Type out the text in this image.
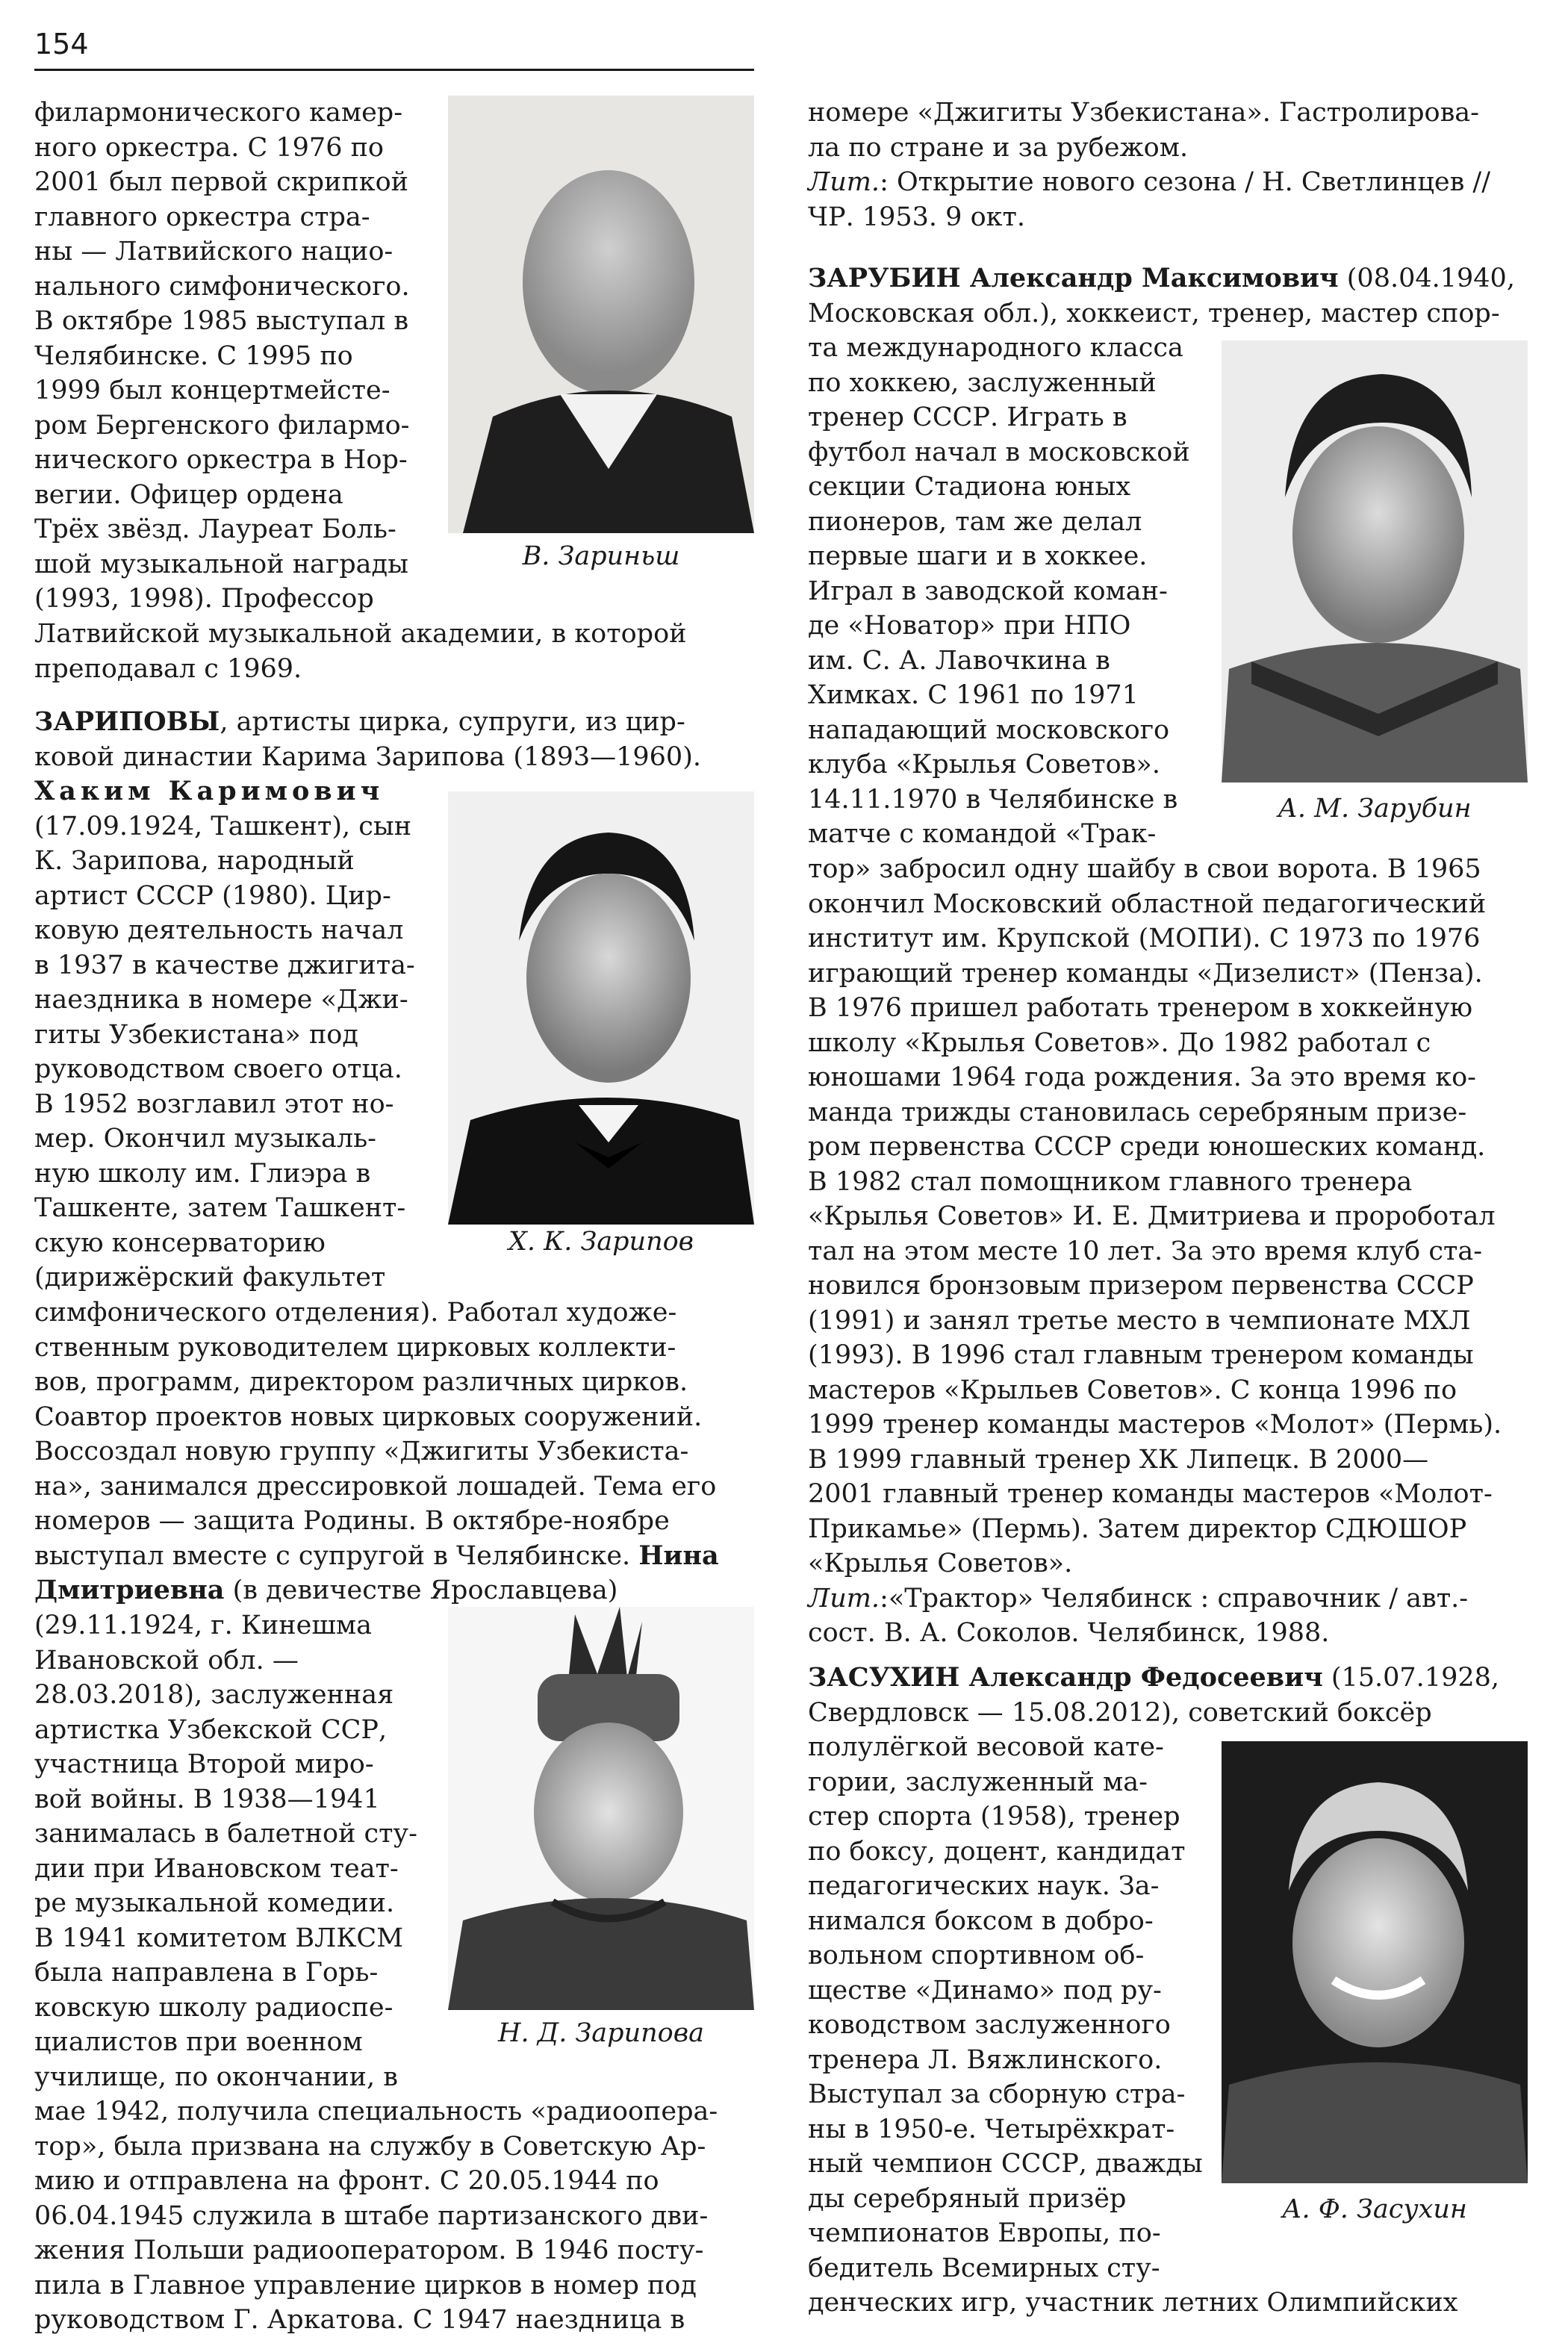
154
В. Зариньш
филармонического камер-
ного оркестра. С 1976 по
2001 был первой скрипкой
главного оркестра стра-
ны — Латвийского нацио-
нального симфонического.
В октябре 1985 выступал в
Челябинске. С 1995 по
1999 был концертмейсте-
ром Бергенского филармо-
нического оркестра в Нор-
вегии. Офицер ордена
Трёх звёзд. Лауреат Боль-
шой музыкальной награды
(1993, 1998). Профессор
Латвийской музыкальной академии, в которой
преподавал с 1969.
ЗАРИПОВЫ, артисты цирка, супруги, из цир-
ковой династии Карима Зарипова (1893—1960).
Х. К. Зарипов
Хаким Каримович
(17.09.1924, Ташкент), сын
К. Зарипова, народный
артист СССР (1980). Цир-
ковую деятельность начал
в 1937 в качестве джигита-
наездника в номере «Джи-
гиты Узбекистана» под
руководством своего отца.
В 1952 возглавил этот но-
мер. Окончил музыкаль-
ную школу им. Глиэра в
Ташкенте, затем Ташкент-
скую консерваторию
(дирижёрский факультет
симфонического отделения). Работал художе-
ственным руководителем цирковых коллекти-
вов, программ, директором различных цирков.
Соавтор проектов новых цирковых сооружений.
Воссоздал новую группу «Джигиты Узбекиста-
на», занимался дрессировкой лошадей. Тема его
номеров — защита Родины. В октябре-ноябре
выступал вместе с супругой в Челябинске. Нина
Дмитриевна (в девичестве Ярославцева)
Н. Д. Зарипова
(29.11.1924, г. Кинешма
Ивановской обл. —
28.03.2018), заслуженная
артистка Узбекской ССР,
участница Второй миро-
вой войны. В 1938—1941
занималась в балетной сту-
дии при Ивановском теат-
ре музыкальной комедии.
В 1941 комитетом ВЛКСМ
была направлена в Горь-
ковскую школу радиоспе-
циалистов при военном
училище, по окончании, в
мае 1942, получила специальность «радиоопера-
тор», была призвана на службу в Советскую Ар-
мию и отправлена на фронт. С 20.05.1944 по
06.04.1945 служила в штабе партизанского дви-
жения Польши радиооператором. В 1946 посту-
пила в Главное управление цирков в номер под
руководством Г. Аркатова. С 1947 наездница в
номере «Джигиты Узбекистана». Гастролирова-
ла по стране и за рубежом.
Лит.: Открытие нового сезона / Н. Светлинцев //
ЧР. 1953. 9 окт.
ЗАРУБИН Александр Максимович (08.04.1940,
Московская обл.), хоккеист, тренер, мастер спор-
А. М. Зарубин
та международного класса
по хоккею, заслуженный
тренер СССР. Играть в
футбол начал в московской
секции Стадиона юных
пионеров, там же делал
первые шаги и в хоккее.
Играл в заводской коман-
де «Новатор» при НПО
им. С. А. Лавочкина в
Химках. С 1961 по 1971
нападающий московского
клуба «Крылья Советов».
14.11.1970 в Челябинске в
матче с командой «Трак-
тор» забросил одну шайбу в свои ворота. В 1965
окончил Московский областной педагогический
институт им. Крупской (МОПИ). С 1973 по 1976
играющий тренер команды «Дизелист» (Пенза).
В 1976 пришел работать тренером в хоккейную
школу «Крылья Советов». До 1982 работал с
юношами 1964 года рождения. За это время ко-
манда трижды становилась серебряным призе-
ром первенства СССР среди юношеских команд.
В 1982 стал помощником главного тренера
«Крылья Советов» И. Е. Дмитриева и пророботал
тал на этом месте 10 лет. За это время клуб ста-
новился бронзовым призером первенства СССР
(1991) и занял третье место в чемпионате МХЛ
(1993). В 1996 стал главным тренером команды
мастеров «Крыльев Советов». С конца 1996 по
1999 тренер команды мастеров «Молот» (Пермь).
В 1999 главный тренер ХК Липецк. В 2000—
2001 главный тренер команды мастеров «Молот-
Прикамье» (Пермь). Затем директор СДЮШОР
«Крылья Советов».
Лит.:«Трактор» Челябинск : справочник / авт.-
сост. В. А. Соколов. Челябинск, 1988.
ЗАСУХИН Александр Федосеевич (15.07.1928,
Свердловск — 15.08.2012), советский боксёр
А. Ф. Засухин
полулёгкой весовой кате-
гории, заслуженный ма-
стер спорта (1958), тренер
по боксу, доцент, кандидат
педагогических наук. За-
нимался боксом в добро-
вольном спортивном об-
ществе «Динамо» под ру-
ководством заслуженного
тренера Л. Вяжлинского.
Выступал за сборную стра-
ны в 1950-е. Четырёхкрат-
ный чемпион СССР, дважды
ды серебряный призёр
чемпионатов Европы, по-
бедитель Всемирных сту-
денческих игр, участник летних Олимпийских
